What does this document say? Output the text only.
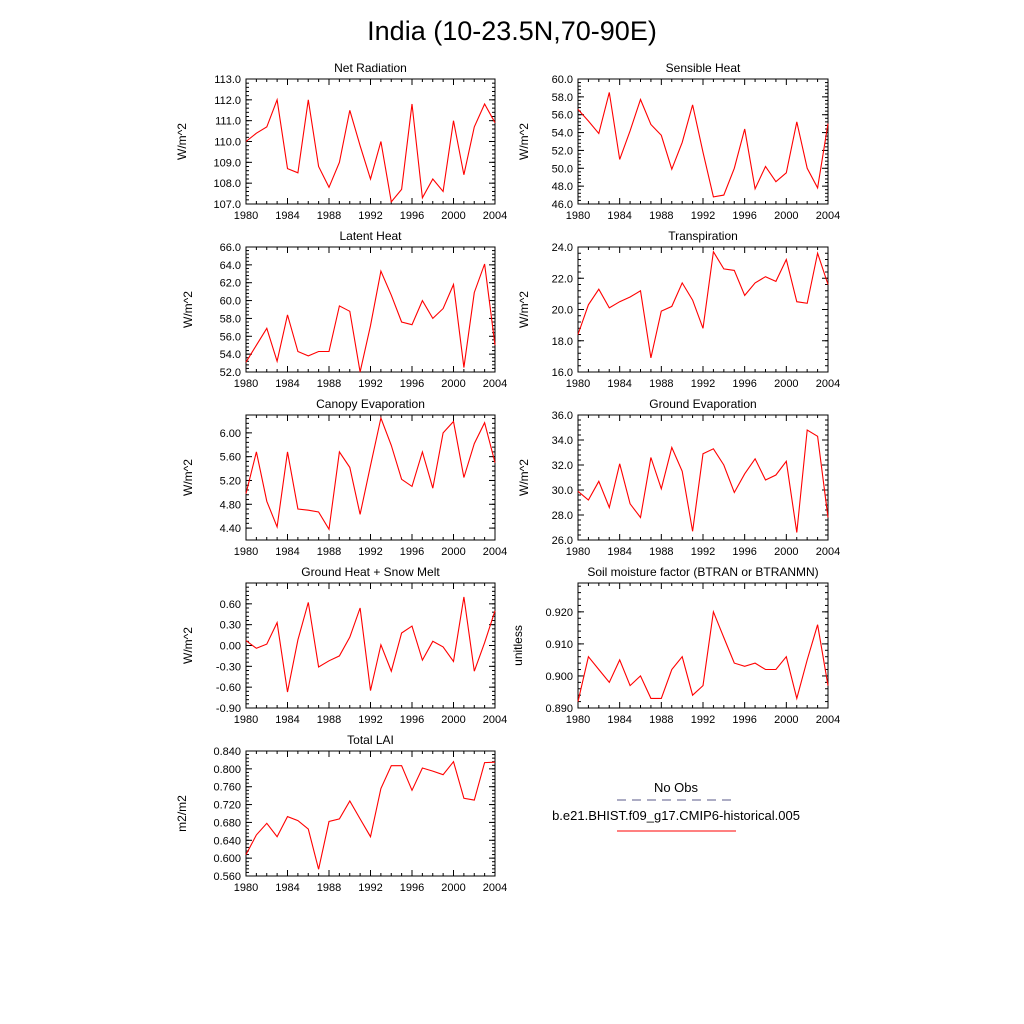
India (10-23.5N,70-90E)
1980 1984 1988 1992 1996 2000 2004
107.0
108.0
109.0
110.0
111.0
112.0
113.0
Net Radiation
W/m^2
1980 1984 1988 1992 1996 2000 2004
46.0
48.0
50.0
52.0
54.0
56.0
58.0
60.0
Sensible Heat
W/m^2
1980 1984 1988 1992 1996 2000 2004
52.0
54.0
56.0
58.0
60.0
62.0
64.0
66.0
Latent Heat
W/m^2
1980 1984 1988 1992 1996 2000 2004
16.0
18.0
20.0
22.0
24.0
Transpiration
W/m^2
1980 1984 1988 1992 1996 2000 2004
4.40
4.80
5.20
5.60
6.00
Canopy Evaporation
W/m^2
1980 1984 1988 1992 1996 2000 2004
26.0
28.0
30.0
32.0
34.0
36.0
Ground Evaporation
W/m^2
1980 1984 1988 1992 1996 2000 2004
-0.90
-0.60
-0.30
0.00
0.30
0.60
Ground Heat + Snow Melt
W/m^2
1980 1984 1988 1992 1996 2000 2004
0.890
0.900
0.910
0.920
Soil moisture factor (BTRAN or BTRANMN)
unitless
1980 1984 1988 1992 1996 2000 2004
0.560
0.600
0.640
0.680
0.720
0.760
0.800
0.840
Total LAI
m2/m2
No Obs
b.e21.BHIST.f09_g17.CMIP6-historical.005
